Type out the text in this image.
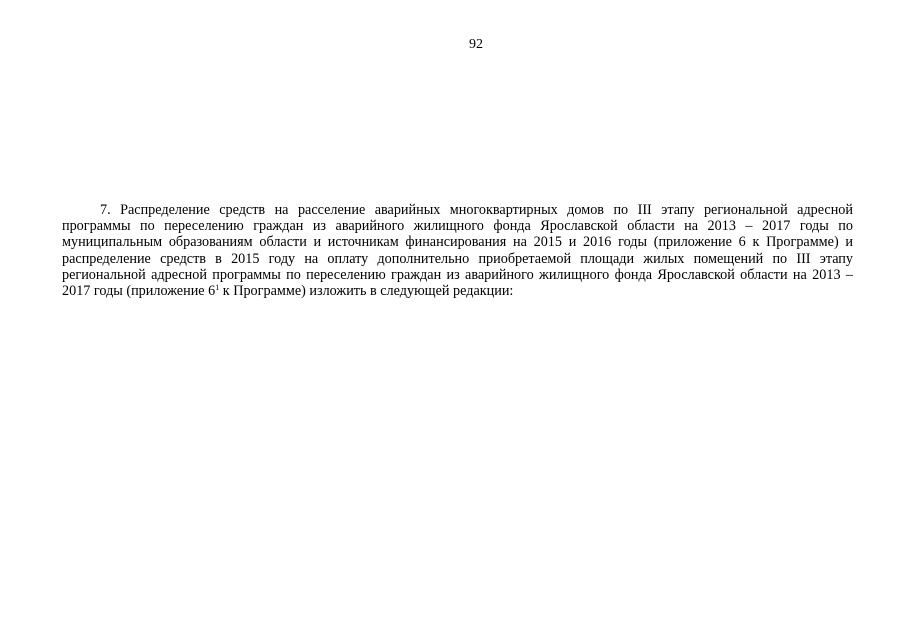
92

7. Распределение средств на расселение аварийных многоквартирных домов по III этапу региональной адресной программы по переселению граждан из аварийного жилищного фонда Ярославской области на 2013 – 2017 годы по муниципальным образованиям области и источникам финансирования на 2015 и 2016 годы (приложение 6 к Программе) и распределение средств в 2015 году на оплату дополнительно приобретаемой площади жилых помещений по III этапу региональной адресной программы по переселению граждан из аварийного жилищного фонда Ярославской области на 2013 – 2017 годы (приложение $6^1$ к Программе) изложить в следующей редакции:
